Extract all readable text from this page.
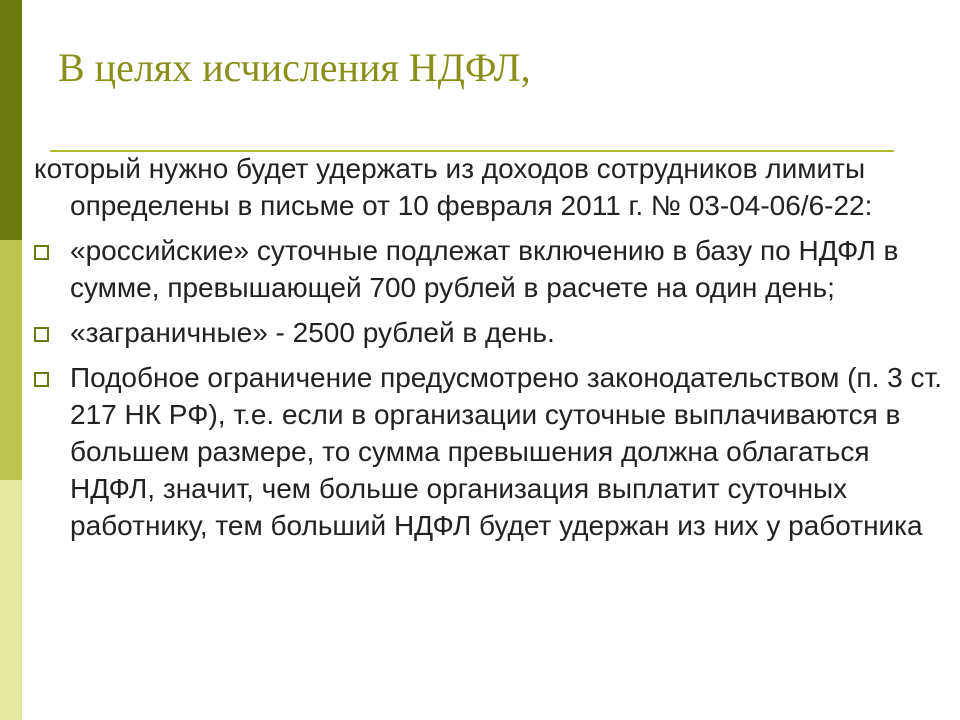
В целях исчисления НДФЛ,

который нужно будет удержать из доходов сотрудников лимиты определены в письме от 10 февраля 2011 г. № 03-04-06/6-22:

«российские» суточные подлежат включению в базу по НДФЛ в сумме, превышающей 700 рублей в расчете на один день;
«заграничные» - 2500 рублей в день.
Подобное ограничение предусмотрено законодательством (п. 3 ст. 217 НК РФ), т.е. если в организации суточные выплачиваются в большем размере, то сумма превышения должна облагаться НДФЛ, значит, чем больше организация выплатит суточных работнику, тем больший НДФЛ будет удержан из них у работника
